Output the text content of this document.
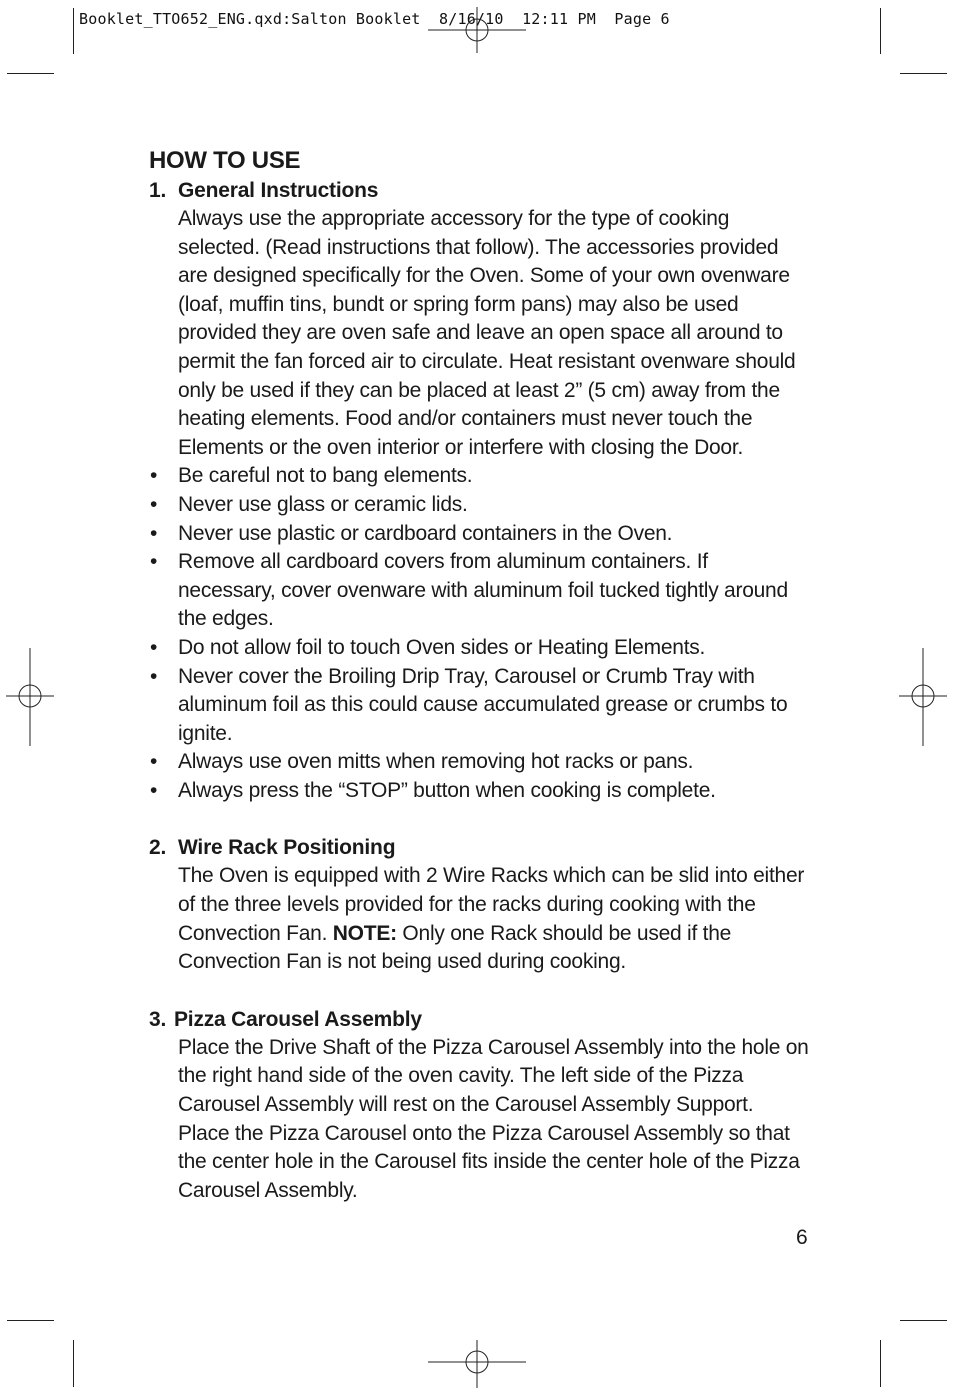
Booklet_TTO652_ENG.qxd:Salton Booklet  8/16/10  12:11 PM  Page 6
HOW TO USE
1. General Instructions
Always use the appropriate accessory for the type of cooking selected. (Read instructions that follow). The accessories provided are designed specifically for the Oven. Some of your own ovenware (loaf, muffin tins, bundt or spring form pans) may also be used provided they are oven safe and leave an open space all around to permit the fan forced air to circulate. Heat resistant ovenware should only be used if they can be placed at least 2” (5 cm) away from the heating elements. Food and/or containers must never touch the Elements or the oven interior or interfere with closing the Door.
• Be careful not to bang elements.
• Never use glass or ceramic lids.
• Never use plastic or cardboard containers in the Oven.
• Remove all cardboard covers from aluminum containers. If necessary, cover ovenware with aluminum foil tucked tightly around the edges.
• Do not allow foil to touch Oven sides or Heating Elements.
• Never cover the Broiling Drip Tray, Carousel or Crumb Tray with aluminum foil as this could cause accumulated grease or crumbs to ignite.
• Always use oven mitts when removing hot racks or pans.
• Always press the “STOP” button when cooking is complete.
2. Wire Rack Positioning
The Oven is equipped with 2 Wire Racks which can be slid into either of the three levels provided for the racks during cooking with the Convection Fan. NOTE: Only one Rack should be used if the Convection Fan is not being used during cooking.
3. Pizza Carousel Assembly
Place the Drive Shaft of the Pizza Carousel Assembly into the hole on the right hand side of the oven cavity. The left side of the Pizza Carousel Assembly will rest on the Carousel Assembly Support. Place the Pizza Carousel onto the Pizza Carousel Assembly so that the center hole in the Carousel fits inside the center hole of the Pizza Carousel Assembly.
6
